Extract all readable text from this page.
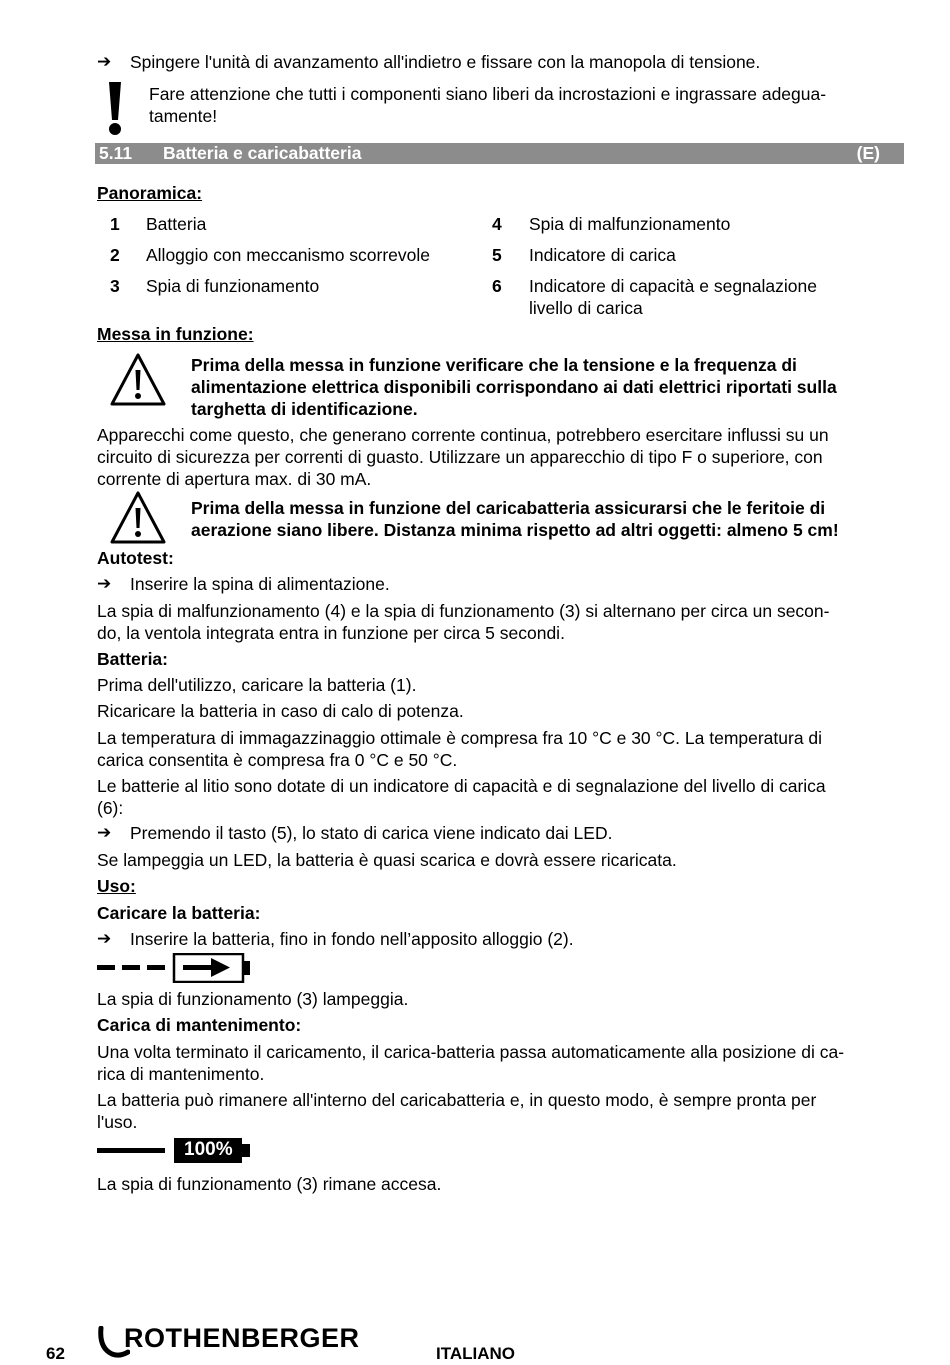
➔ Spingere l'unità di avanzamento all'indietro e fissare con la manopola di tensione.
Fare attenzione che tutti i componenti siano liberi da incrostazioni e ingrassare adegua-
tamente!
5.11 Batteria e caricabatteria	(E)
Panoramica:
1 Batteria
2 Alloggio con meccanismo scorrevole
3 Spia di funzionamento
4 Spia di malfunzionamento
5 Indicatore di carica
6 Indicatore di capacità e segnalazione
livello di carica
Messa in funzione:
Prima della messa in funzione verificare che la tensione e la frequenza di
alimentazione elettrica disponibili corrispondano ai dati elettrici riportati sulla
targhetta di identificazione.
Apparecchi come questo, che generano corrente continua, potrebbero esercitare influssi su un
circuito di sicurezza per correnti di guasto. Utilizzare un apparecchio di tipo F o superiore, con
corrente di apertura max. di 30 mA.
Prima della messa in funzione del caricabatteria assicurarsi che le feritoie di
aerazione siano libere. Distanza minima rispetto ad altri oggetti: almeno 5 cm!
Autotest:
➔ Inserire la spina di alimentazione.
La spia di malfunzionamento (4) e la spia di funzionamento (3) si alternano per circa un secon-
do, la ventola integrata entra in funzione per circa 5 secondi.
Batteria:
Prima dell'utilizzo, caricare la batteria (1).
Ricaricare la batteria in caso di calo di potenza.
La temperatura di immagazzinaggio ottimale è compresa fra 10 °C e 30 °C. La temperatura di
carica consentita è compresa fra 0 °C e 50 °C.
Le batterie al litio sono dotate di un indicatore di capacità e di segnalazione del livello di carica
(6):
➔ Premendo il tasto (5), lo stato di carica viene indicato dai LED.
Se lampeggia un LED, la batteria è quasi scarica e dovrà essere ricaricata.
Uso:
Caricare la batteria:
➔ Inserire la batteria, fino in fondo nell’apposito alloggio (2).
La spia di funzionamento (3) lampeggia.
Carica di mantenimento:
Una volta terminato il caricamento, il carica-batteria passa automaticamente alla posizione di ca-
rica di mantenimento.
La batteria può rimanere all'interno del caricabatteria e, in questo modo, è sempre pronta per
l'uso.
100%
La spia di funzionamento (3) rimane accesa.
62
ROTHENBERGER
ITALIANO
